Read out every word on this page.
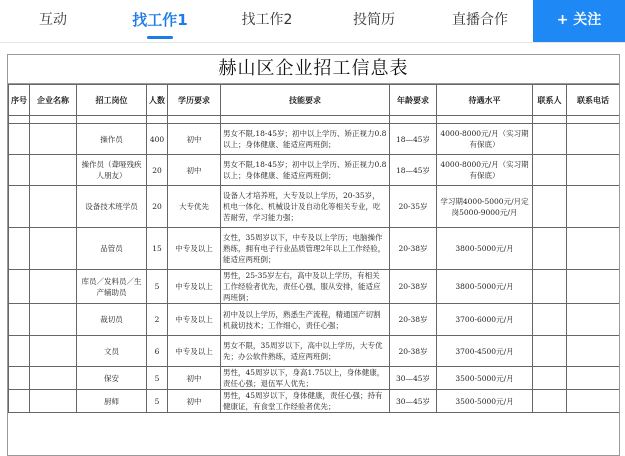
互动	找工作1	找工作2	投简历	直播合作	+ 关注
赫山区企业招工信息表
序号	企业名称	招工岗位	人数	学历要求	技能要求	年龄要求	待遇水平	联系人	联系电话

		操作员	400	初中	男女不限,18-45岁；初中以上学历、矫正视力0.8以上；身体健康、能适应两班倒；	18—45岁	4000-8000元/月（实习期有保底）		
		操作员（聋哑残疾人朋友）	20	初中	男女不限,18-45岁；初中以上学历、矫正视力0.8以上；身体健康、能适应两班倒；	18—45岁	4000-8000元/月（实习期有保底）		
		设备技术班学员	20	大专优先	设备人才培养班，大专及以上学历，20-35岁，机电一体化、机械设计及自动化等相关专业，吃苦耐劳，学习能力强；	20-35岁	学习期4000-5000元/月定岗5000-9000元/月		
		品管员	15	中专及以上	女性，35周岁以下，中专及以上学历；电脑操作熟练，拥有电子行业品质管理2年以上工作经验，能适应两班倒；	20-38岁	3800-5000元/月		
		库员／发料员／生产辅助员	5	中专及以上	男性，25-35岁左右，高中及以上学历，有相关工作经验者优先，责任心强，服从安排，能适应两班倒；	20-38岁	3800-5000元/月		
		裁切员	2	中专及以上	初中及以上学历，熟悉生产流程，精通国产切割机裁切技术；工作细心，责任心强；	20-38岁	3700-6000元/月		
		文员	6	中专及以上	男女不限，35周岁以下，高中以上学历，大专优先；办公软件熟练，适应两班倒；	20-38岁	3700-4500元/月		
		保安	5	初中	男性，45周岁以下，身高1.75以上，身体健康，责任心强；退伍军人优先；	30—45岁	3500-5000元/月		
		厨师	5	初中	男性，45周岁以下，身体健康，责任心强；持有健康证，有食堂工作经验者优先；	30—45岁	3500-5000元/月		
